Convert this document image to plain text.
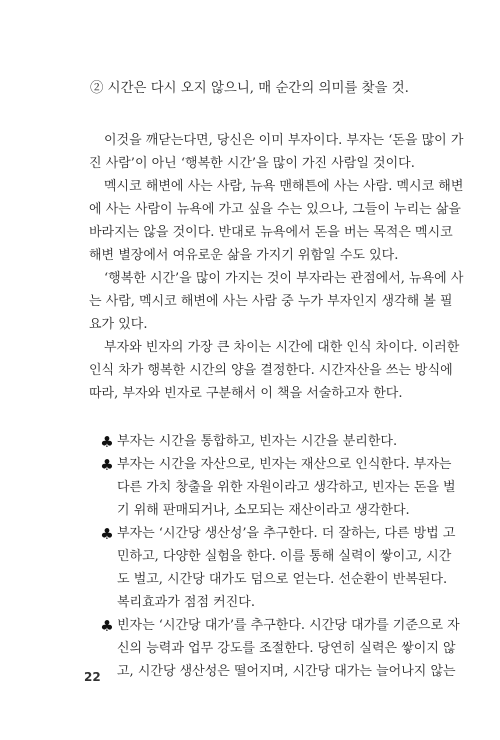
② 시간은 다시 오지 않으니, 매 순간의 의미를 찾을 것.
이것을 깨닫는다면, 당신은 이미 부자이다. 부자는 ‘돈을 많이 가
진 사람’이 아닌 ‘행복한 시간’을 많이 가진 사람일 것이다.
멕시코 해변에 사는 사람, 뉴욕 맨해튼에 사는 사람. 멕시코 해변
에 사는 사람이 뉴욕에 가고 싶을 수는 있으나, 그들이 누리는 삶을
바라지는 않을 것이다. 반대로 뉴욕에서 돈을 버는 목적은 멕시코
해변 별장에서 여유로운 삶을 가지기 위함일 수도 있다.
‘행복한 시간’을 많이 가지는 것이 부자라는 관점에서, 뉴욕에 사
는 사람, 멕시코 해변에 사는 사람 중 누가 부자인지 생각해 볼 필
요가 있다.
부자와 빈자의 가장 큰 차이는 시간에 대한 인식 차이다. 이러한
인식 차가 행복한 시간의 양을 결정한다. 시간자산을 쓰는 방식에
따라, 부자와 빈자로 구분해서 이 책을 서술하고자 한다.
♣ 부자는 시간을 통합하고, 빈자는 시간을 분리한다.
♣ 부자는 시간을 자산으로, 빈자는 재산으로 인식한다. 부자는
다른 가치 창출을 위한 자원이라고 생각하고, 빈자는 돈을 벌
기 위해 판매되거나, 소모되는 재산이라고 생각한다.
♣ 부자는 ‘시간당 생산성’을 추구한다. 더 잘하는, 다른 방법 고
민하고, 다양한 실험을 한다. 이를 통해 실력이 쌓이고, 시간
도 벌고, 시간당 대가도 덤으로 얻는다. 선순환이 반복된다.
복리효과가 점점 커진다.
♣ 빈자는 ‘시간당 대가’를 추구한다. 시간당 대가를 기준으로 자
신의 능력과 업무 강도를 조절한다. 당연히 실력은 쌓이지 않
고, 시간당 생산성은 떨어지며, 시간당 대가는 늘어나지 않는
22
